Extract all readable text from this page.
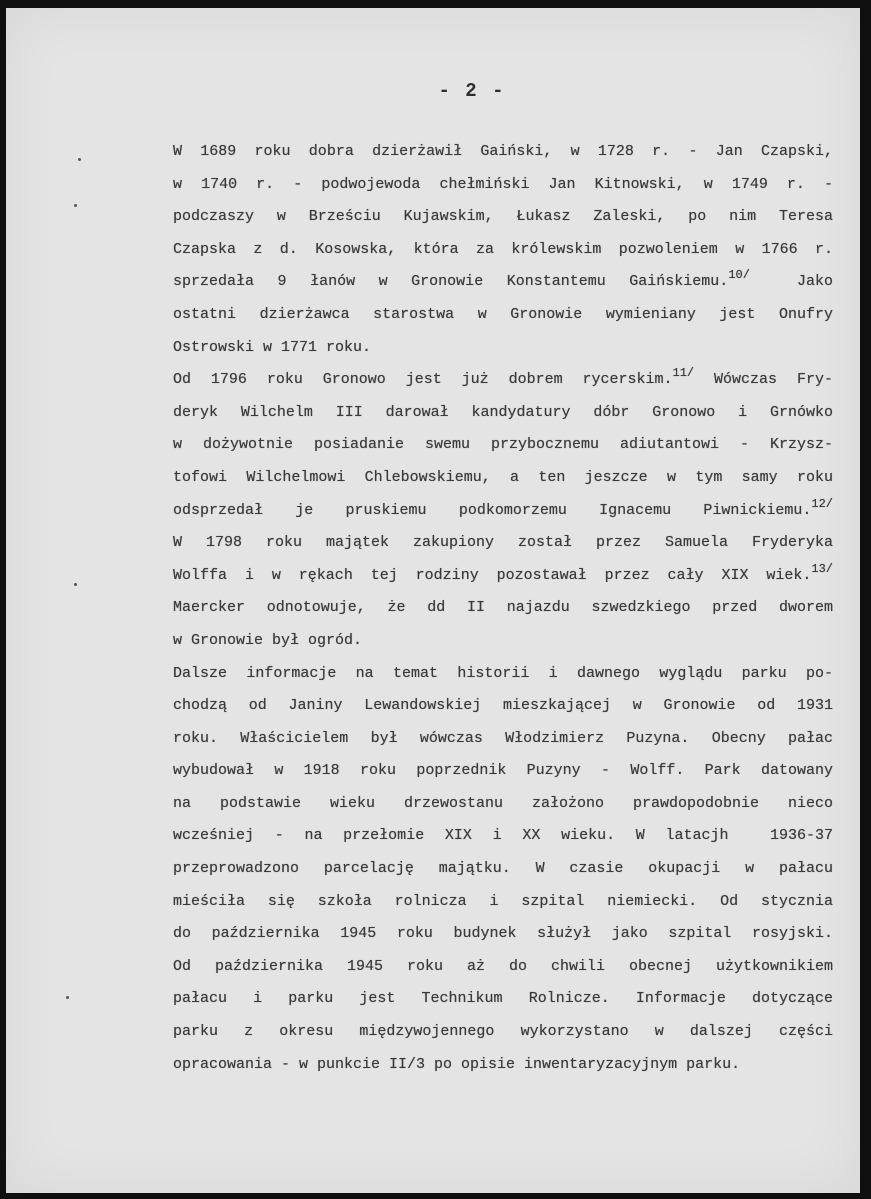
- 2 -
W 1689 roku dobra dzierżawił Gaiński, w 1728 r. - Jan Czapski,
w 1740 r. - podwojewoda chełmiński Jan Kitnowski, w 1749 r. -
podczaszy w Brześciu Kujawskim, Łukasz Zaleski, po nim Teresa
Czapska z d. Kosowska, która za królewskim pozwoleniem w 1766 r.
sprzedała 9 łanów w Gronowie Konstantemu Gaińskiemu.$^{10/}$  Jako
ostatni dzierżawca starostwa w Gronowie wymieniany jest Onufry
Ostrowski w 1771 roku.
Od 1796 roku Gronowo jest już dobrem rycerskim.$^{11/}$ Wówczas Fry-
deryk Wilchelm III darował kandydatury dóbr Gronowo i Grnówko
w dożywotnie posiadanie swemu przybocznemu adiutantowi - Krzysz-
tofowi Wilchelmowi Chlebowskiemu, a ten jeszcze w tym samy roku
odsprzedał je pruskiemu podkomorzemu Ignacemu Piwnickiemu.$^{12/}$
W 1798 roku majątek zakupiony został przez Samuela Fryderyka
Wolffa i w rękach tej rodziny pozostawał przez cały XIX wiek.$^{13/}$
Maercker odnotowuje, że dd II najazdu szwedzkiego przed dworem
w Gronowie był ogród.
Dalsze informacje na temat historii i dawnego wyglądu parku po-
chodzą od Janiny Lewandowskiej mieszkającej w Gronowie od 1931
roku. Właścicielem był wówczas Włodzimierz Puzyna. Obecny pałac
wybudował w 1918 roku poprzednik Puzyny - Wolff. Park datowany
na podstawie wieku drzewostanu założono prawdopodobnie nieco
wcześniej - na przełomie XIX i XX wieku. W latacjh  1936-37
przeprowadzono parcelację majątku. W czasie okupacji w pałacu
mieściła się szkoła rolnicza i szpital niemiecki. Od stycznia
do października 1945 roku budynek służył jako szpital rosyjski.
Od października 1945 roku aż do chwili obecnej użytkownikiem
pałacu i parku jest Technikum Rolnicze. Informacje dotyczące
parku z okresu międzywojennego wykorzystano w dalszej części
opracowania - w punkcie II/3 po opisie inwentaryzacyjnym parku.
